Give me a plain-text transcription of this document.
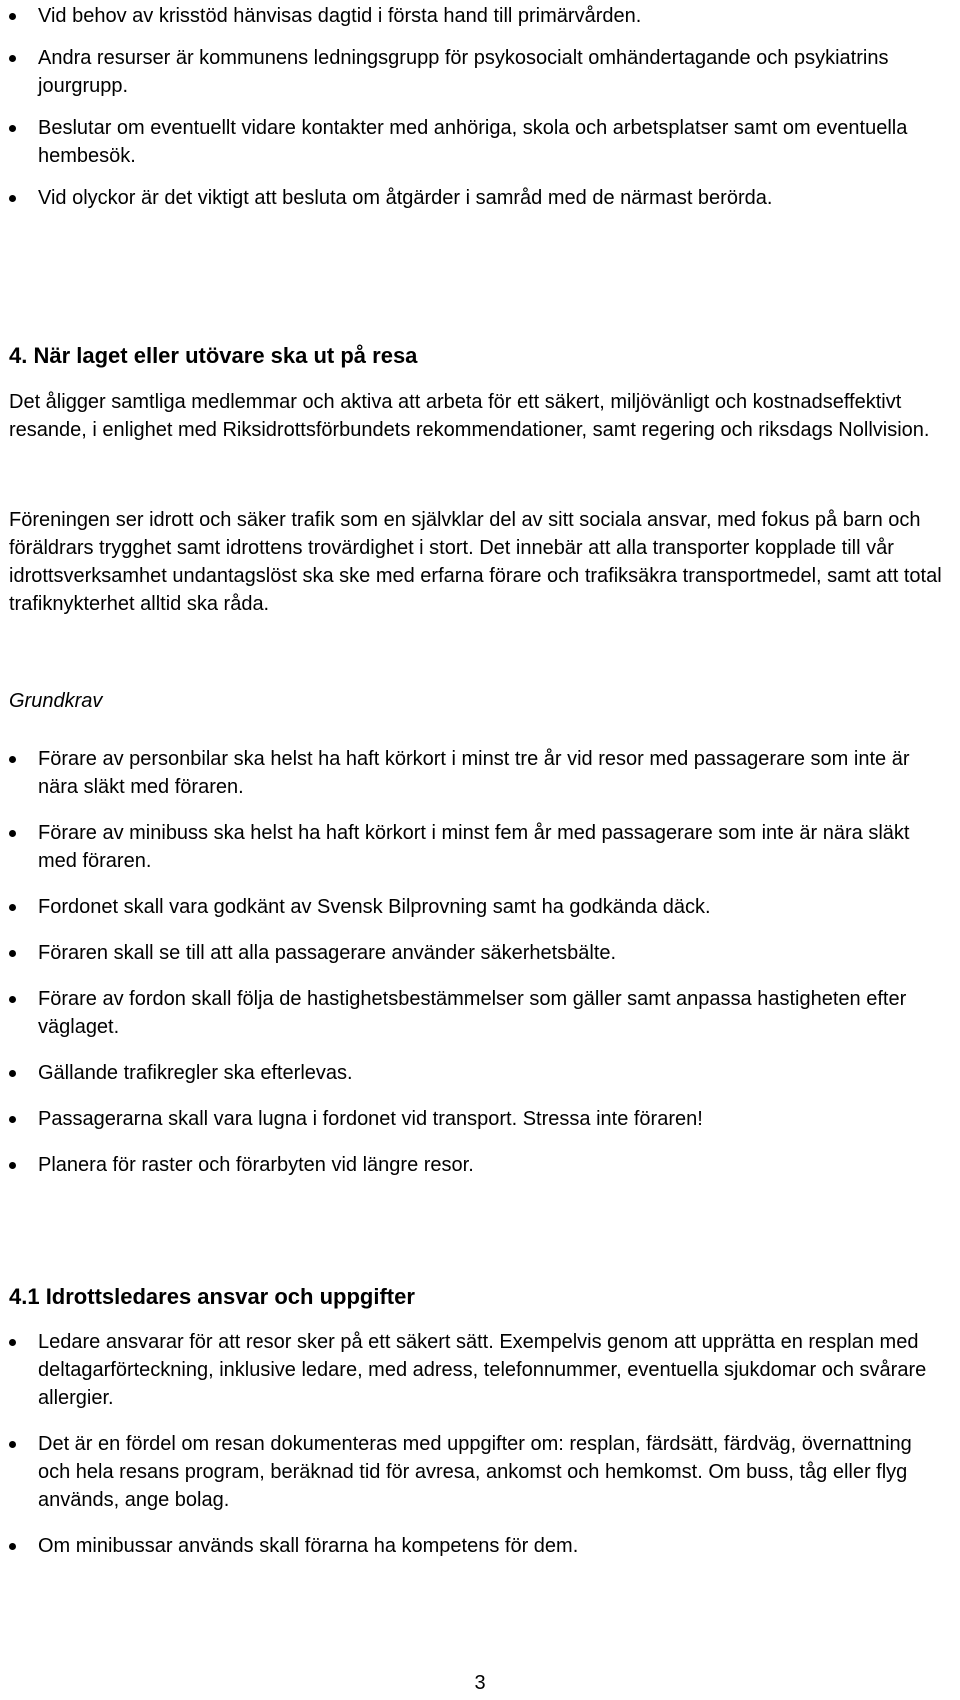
Vid behov av krisstöd hänvisas dagtid i första hand till primärvården.
Andra resurser är kommunens ledningsgrupp för psykosocialt omhändertagande och psykiatrins jourgrupp.
Beslutar om eventuellt vidare kontakter med anhöriga, skola och arbetsplatser samt om eventuella hembesök.
Vid olyckor är det viktigt att besluta om åtgärder i samråd med de närmast berörda.
4. När laget eller utövare ska ut på resa
Det åligger samtliga medlemmar och aktiva att arbeta för ett säkert, miljövänligt och kostnadseffektivt resande, i enlighet med Riksidrottsförbundets rekommendationer, samt regering och riksdags Nollvision.
Föreningen ser idrott och säker trafik som en självklar del av sitt sociala ansvar, med fokus på barn och föräldrars trygghet samt idrottens trovärdighet i stort. Det innebär att alla transporter kopplade till vår idrottsverksamhet undantagslöst ska ske med erfarna förare och trafiksäkra transportmedel, samt att total trafiknykterhet alltid ska råda.
Grundkrav
Förare av personbilar ska helst ha haft körkort i minst tre år vid resor med passagerare som inte är nära släkt med föraren.
Förare av minibuss ska helst ha haft körkort i minst fem år med passagerare som inte är nära släkt med föraren.
Fordonet skall vara godkänt av Svensk Bilprovning samt ha godkända däck.
Föraren skall se till att alla passagerare använder säkerhetsbälte.
Förare av fordon skall följa de hastighetsbestämmelser som gäller samt anpassa hastigheten efter väglaget.
Gällande trafikregler ska efterlevas.
Passagerarna skall vara lugna i fordonet vid transport. Stressa inte föraren!
Planera för raster och förarbyten vid längre resor.
4.1 Idrottsledares ansvar och uppgifter
Ledare ansvarar för att resor sker på ett säkert sätt. Exempelvis genom att upprätta en resplan med deltagarförteckning, inklusive ledare, med adress, telefonnummer, eventuella sjukdomar och svårare allergier.
Det är en fördel om resan dokumenteras med uppgifter om: resplan, färdsätt, färdväg, övernattning och hela resans program, beräknad tid för avresa, ankomst och hemkomst. Om buss, tåg eller flyg används, ange bolag.
Om minibussar används skall förarna ha kompetens för dem.
3
